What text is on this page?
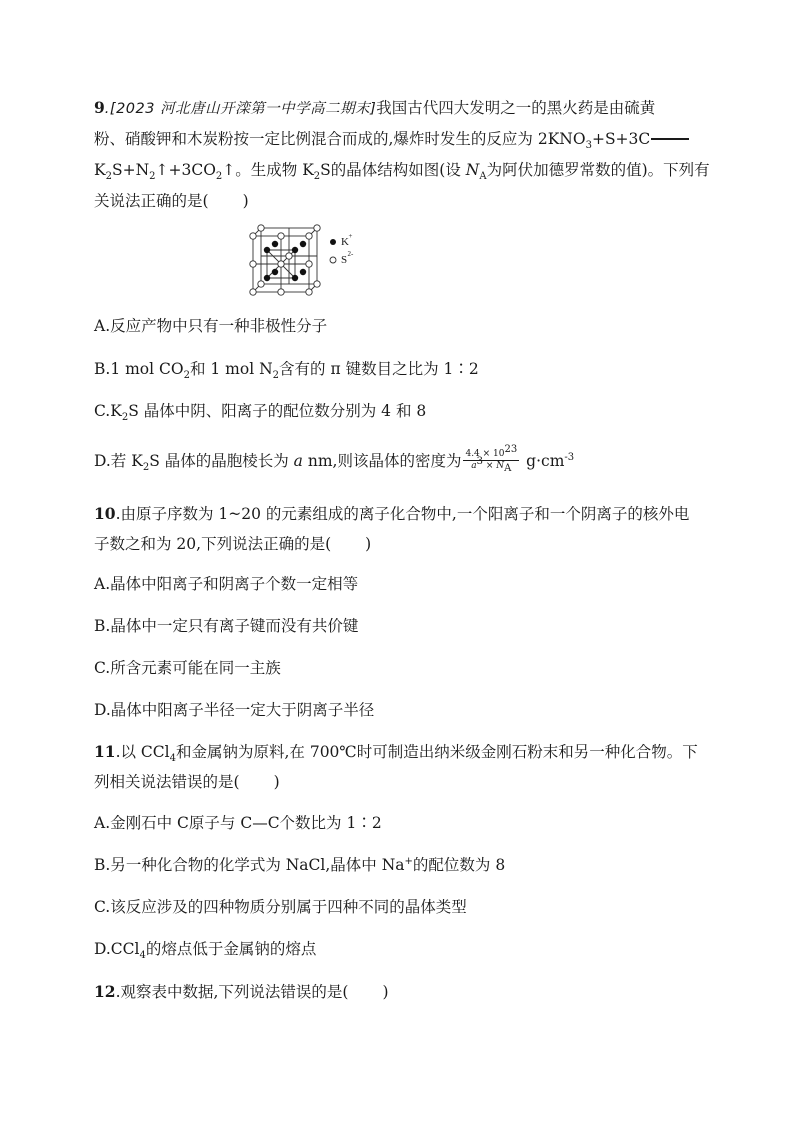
9.[2023 河北唐山开滦第一中学高二期末]我国古代四大发明之一的黑火药是由硫黄
粉、硝酸钾和木炭粉按一定比例混合而成的,爆炸时发生的反应为 $2KNO_3+S+3C$
$K_2S+N_2↑+3CO_2↑$。生成物 $K_2S$的晶体结构如图(设 $N_A$为阿伏加德罗常数的值)。下列有
关说法正确的是( )
A.反应产物中只有一种非极性分子
B.1 mol $CO_2$和 1 mol $N_2$含有的 π 键数目之比为 1∶2
$C.K_2S$ 晶体中阴、阳离子的配位数分别为 4 和 8
D.若 $K_2S$ 晶体的晶胞棱长为 a nm,则该晶体的密度为 $\frac{4.4 \times 10^{23}}{a^3 \times N_A} g\cdot cm^{-3}$
10.由原子序数为 1~20 的元素组成的离子化合物中,一个阳离子和一个阴离子的核外电
子数之和为 20,下列说法正确的是( )
A.晶体中阳离子和阴离子个数一定相等
B.晶体中一定只有离子键而没有共价键
C.所含元素可能在同一主族
D.晶体中阳离子半径一定大于阴离子半径
11.以 CCl$_4$和金属钠为原料,在 700℃时可制造出纳米级金刚石粉末和另一种化合物。下
列相关说法错误的是( )
A.金刚石中 C原子与 C—C个数比为 1∶2
B.另一种化合物的化学式为 NaCl,晶体中 Na+的配位数为 8
C.该反应涉及的四种物质分别属于四种不同的晶体类型
D.CCl$_4$的熔点低于金属钠的熔点
12.观察表中数据,下列说法错误的是( )
K +
S 2-
